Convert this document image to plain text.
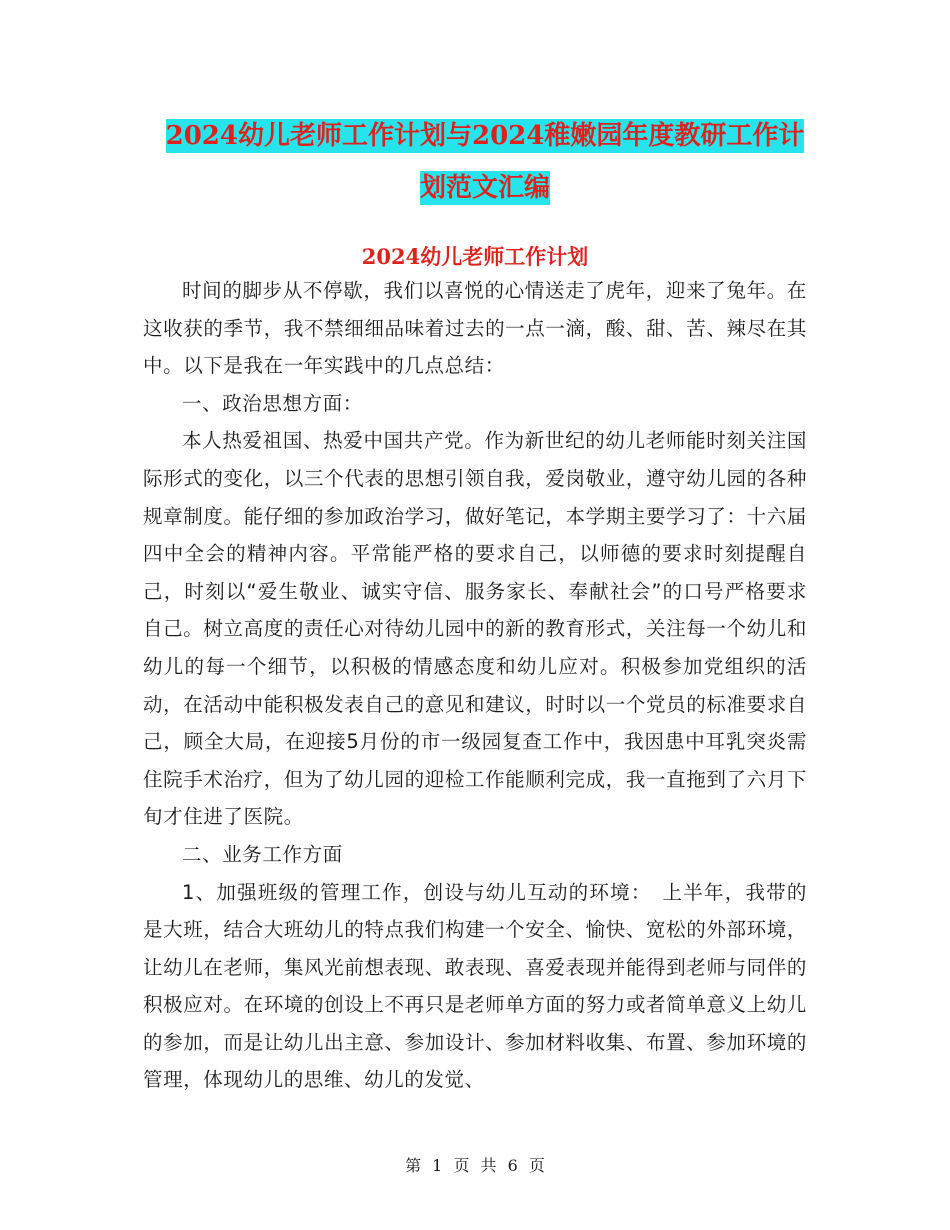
2024幼儿老师工作计划与2024稚嫩园年度教研工作计
划范文汇编
2024幼儿老师工作计划

时间的脚步从不停歇，我们以喜悦的心情送走了虎年，迎来了兔年。在这收获的季节，我不禁细细品味着过去的一点一滴，酸、甜、苦、辣尽在其中。以下是我在一年实践中的几点总结：

一、政治思想方面：

本人热爱祖国、热爱中国共产党。作为新世纪的幼儿老师能时刻关注国际形式的变化，以三个代表的思想引领自我，爱岗敬业，遵守幼儿园的各种规章制度。能仔细的参加政治学习，做好笔记，本学期主要学习了：十六届四中全会的精神内容。平常能严格的要求自己，以师德的要求时刻提醒自己，时刻以“爱生敬业、诚实守信、服务家长、奉献社会”的口号严格要求自己。树立高度的责任心对待幼儿园中的新的教育形式，关注每一个幼儿和幼儿的每一个细节，以积极的情感态度和幼儿应对。积极参加党组织的活动，在活动中能积极发表自己的意见和建议，时时以一个党员的标准要求自己，顾全大局，在迎接5月份的市一级园复查工作中，我因患中耳乳突炎需住院手术治疗，但为了幼儿园的迎检工作能顺利完成，我一直拖到了六月下旬才住进了医院。

二、业务工作方面

1、加强班级的管理工作，创设与幼儿互动的环境：　上半年，我带的是大班，结合大班幼儿的特点我们构建一个安全、愉快、宽松的外部环境，让幼儿在老师，集风光前想表现、敢表现、喜爱表现并能得到老师与同伴的积极应对。在环境的创设上不再只是老师单方面的努力或者简单意义上幼儿的参加，而是让幼儿出主意、参加设计、参加材料收集、布置、参加环境的管理，体现幼儿的思维、幼儿的发觉、

第 1 页 共 6 页
